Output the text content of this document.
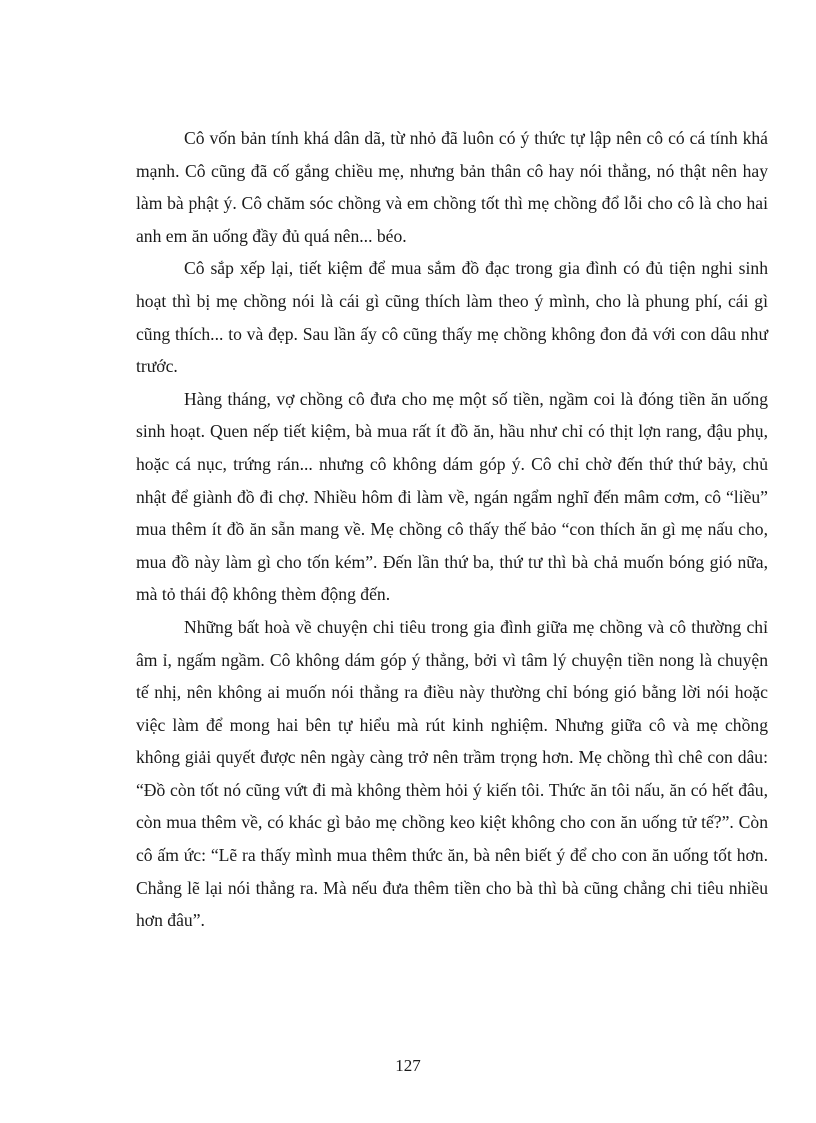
Cô vốn bản tính khá dân dã, từ nhỏ đã luôn có ý thức tự lập nên cô có cá tính khá mạnh. Cô cũng đã cố gắng chiều mẹ, nhưng bản thân cô hay nói thẳng, nó thật nên hay làm bà phật ý. Cô chăm sóc chồng và em chồng tốt thì mẹ chồng đổ lỗi cho cô là cho hai anh em ăn uống đầy đủ quá nên... béo.

Cô sắp xếp lại, tiết kiệm để mua sắm đồ đạc trong gia đình có đủ tiện nghi sinh hoạt thì bị mẹ chồng nói là cái gì cũng thích làm theo ý mình, cho là phung phí, cái gì cũng thích... to và đẹp. Sau lần ấy cô cũng thấy mẹ chồng không đon đả với con dâu như trước.

Hàng tháng, vợ chồng cô đưa cho mẹ một số tiền, ngầm coi là đóng tiền ăn uống sinh hoạt. Quen nếp tiết kiệm, bà mua rất ít đồ ăn, hầu như chỉ có thịt lợn rang, đậu phụ, hoặc cá nục, trứng rán... nhưng cô không dám góp ý. Cô chỉ chờ đến thứ thứ bảy, chủ nhật để giành đồ đi chợ. Nhiều hôm đi làm về, ngán ngẩm nghĩ đến mâm cơm, cô “liều” mua thêm ít đồ ăn sẵn mang về. Mẹ chồng cô thấy thế bảo “con thích ăn gì mẹ nấu cho, mua đồ này làm gì cho tốn kém”. Đến lần thứ ba, thứ tư thì bà chả muốn bóng gió nữa, mà tỏ thái độ không thèm động đến.

Những bất hoà về chuyện chi tiêu trong gia đình giữa mẹ chồng và cô thường chỉ âm ỉ, ngấm ngầm. Cô không dám góp ý thẳng, bởi vì tâm lý chuyện tiền nong là chuyện tế nhị, nên không ai muốn nói thẳng ra điều này thường chỉ bóng gió bằng lời nói hoặc việc làm để mong hai bên tự hiểu mà rút kinh nghiệm. Nhưng giữa cô và mẹ chồng không giải quyết được nên ngày càng trở nên trầm trọng hơn. Mẹ chồng thì chê con dâu: “Đồ còn tốt nó cũng vứt đi mà không thèm hỏi ý kiến tôi. Thức ăn tôi nấu, ăn có hết đâu, còn mua thêm về, có khác gì bảo mẹ chồng keo kiệt không cho con ăn uống tử tế?”. Còn cô ấm ức: “Lẽ ra thấy mình mua thêm thức ăn, bà nên biết ý để cho con ăn uống tốt hơn. Chẳng lẽ lại nói thẳng ra. Mà nếu đưa thêm tiền cho bà thì bà cũng chẳng chi tiêu nhiều hơn đâu”.

127
